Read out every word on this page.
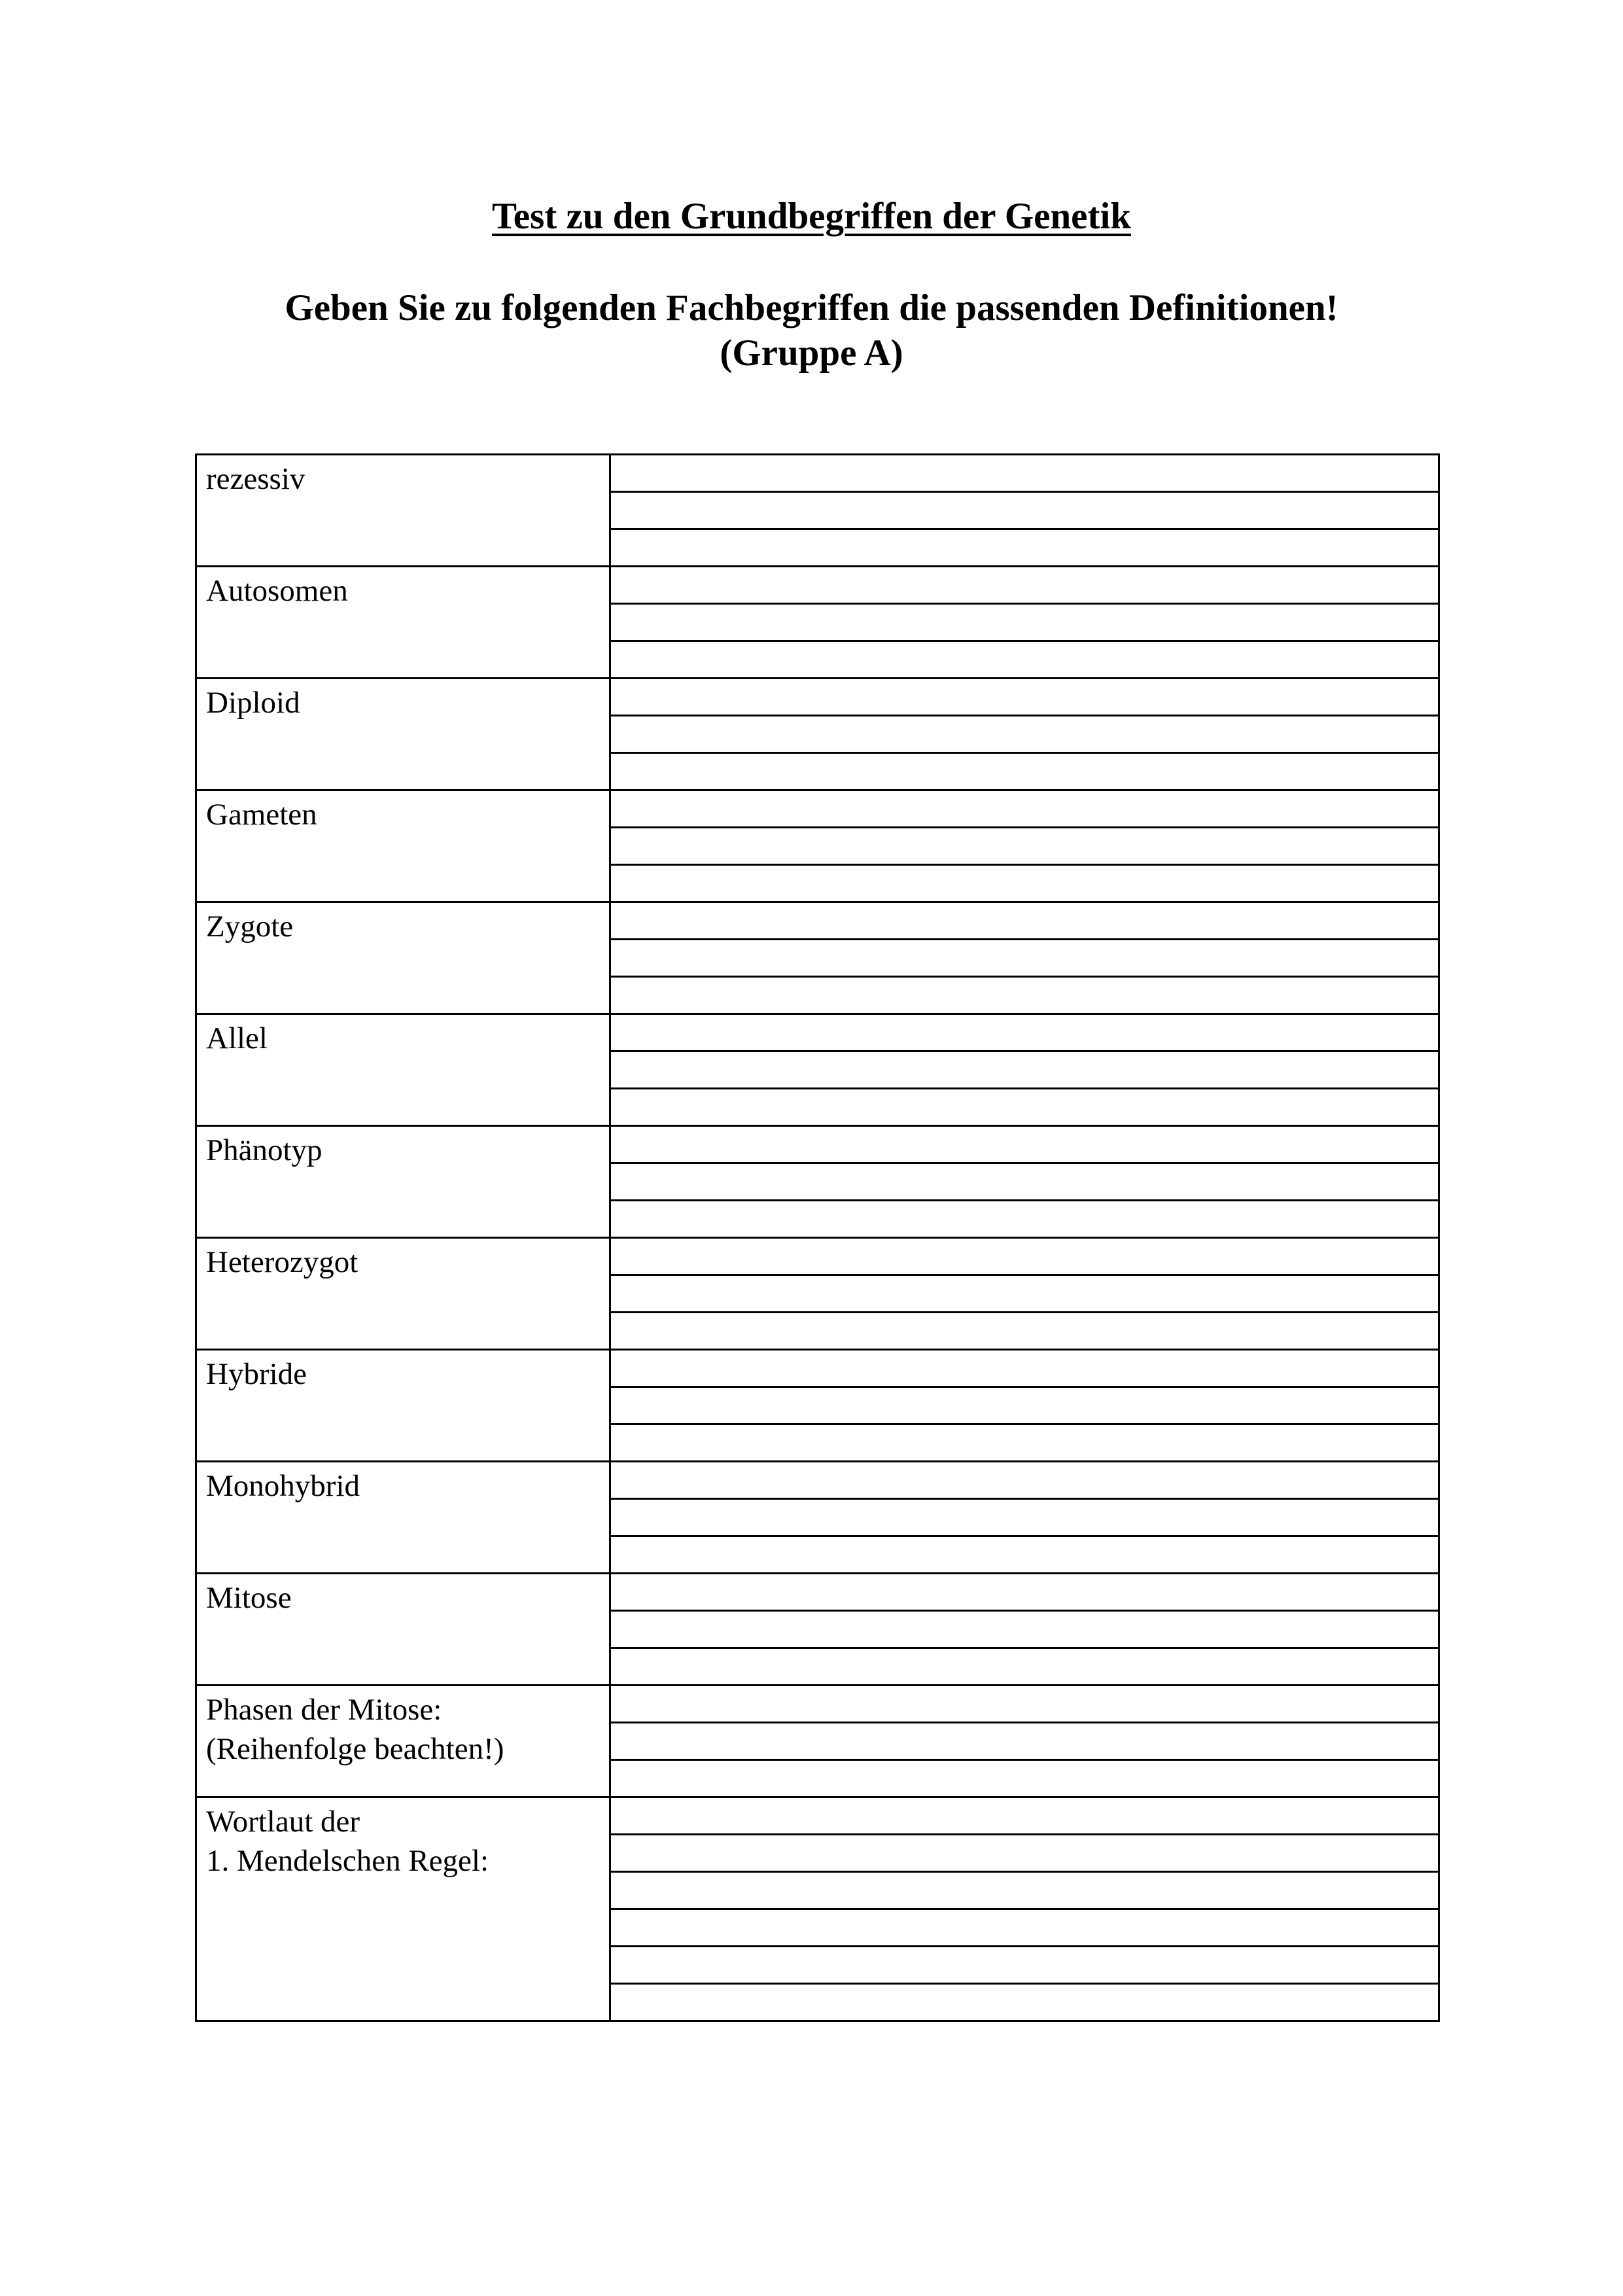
Test zu den Grundbegriffen der Genetik
Geben Sie zu folgenden Fachbegriffen die passenden Definitionen!
(Gruppe A)
rezessiv	

Autosomen	

Diploid	

Gameten	

Zygote	

Allel	

Phänotyp	

Heterozygot	

Hybride	

Monohybrid	

Mitose	

Phasen der Mitose:
(Reihenfolge beachten!)	

Wortlaut der
1. Mendelschen Regel:	
